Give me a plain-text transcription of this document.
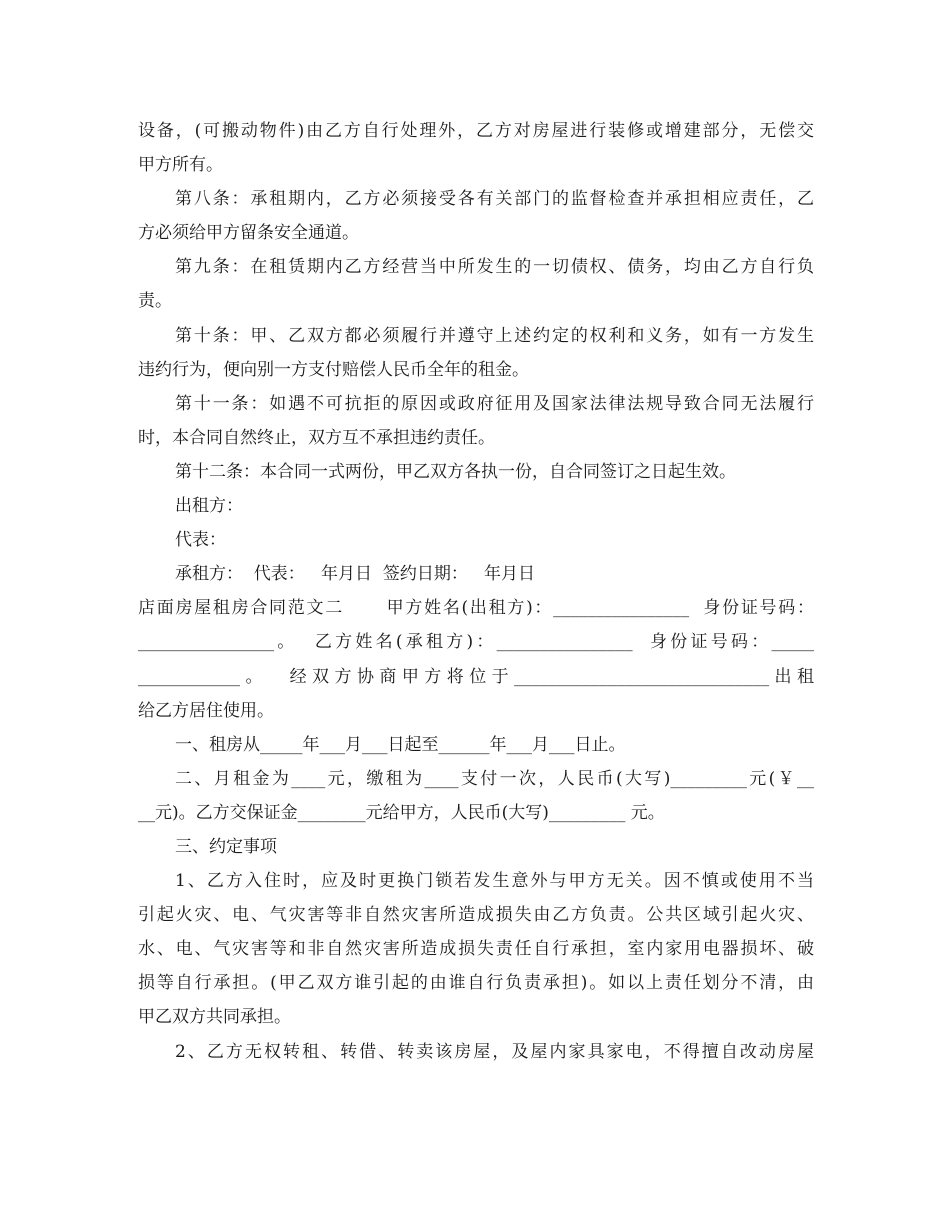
设备，(可搬动物件)由乙方自行处理外，乙方对房屋进行装修或增建部分，无偿交
甲方所有。
第八条：承租期内，乙方必须接受各有关部门的监督检查并承担相应责任，乙
方必须给甲方留条安全通道。
第九条：在租赁期内乙方经营当中所发生的一切债权、债务，均由乙方自行负
责。
第十条：甲、乙双方都必须履行并遵守上述约定的权利和义务，如有一方发生
违约行为，便向别一方支付赔偿人民币全年的租金。
第十一条：如遇不可抗拒的原因或政府征用及国家法律法规导致合同无法履行
时，本合同自然终止，双方互不承担违约责任。
第十二条：本合同一式两份，甲乙双方各执一份，自合同签订之日起生效。
出租方：
代表：
承租方：  代表：   年月日  签约日期：   年月日
店面房屋租房合同范文二      甲方姓名(出租方)：________________  身份证号码：
________________。  乙方姓名(承租方)：________________  身份证号码：_____
____________。  经双方协商甲方将位于______________________________出租
给乙方居住使用。
一、租房从_____年___月___日起至______年___月___日止。
二、月租金为____元，缴租为____支付一次，人民币(大写)_________元(￥__
__元)。乙方交保证金________元给甲方，人民币(大写)_________ 元。
三、约定事项
1、乙方入住时，应及时更换门锁若发生意外与甲方无关。因不慎或使用不当
引起火灾、电、气灾害等非自然灾害所造成损失由乙方负责。公共区域引起火灾、
水、电、气灾害等和非自然灾害所造成损失责任自行承担，室内家用电器损坏、破
损等自行承担。(甲乙双方谁引起的由谁自行负责承担)。如以上责任划分不清，由
甲乙双方共同承担。
2、乙方无权转租、转借、转卖该房屋，及屋内家具家电，不得擅自改动房屋
